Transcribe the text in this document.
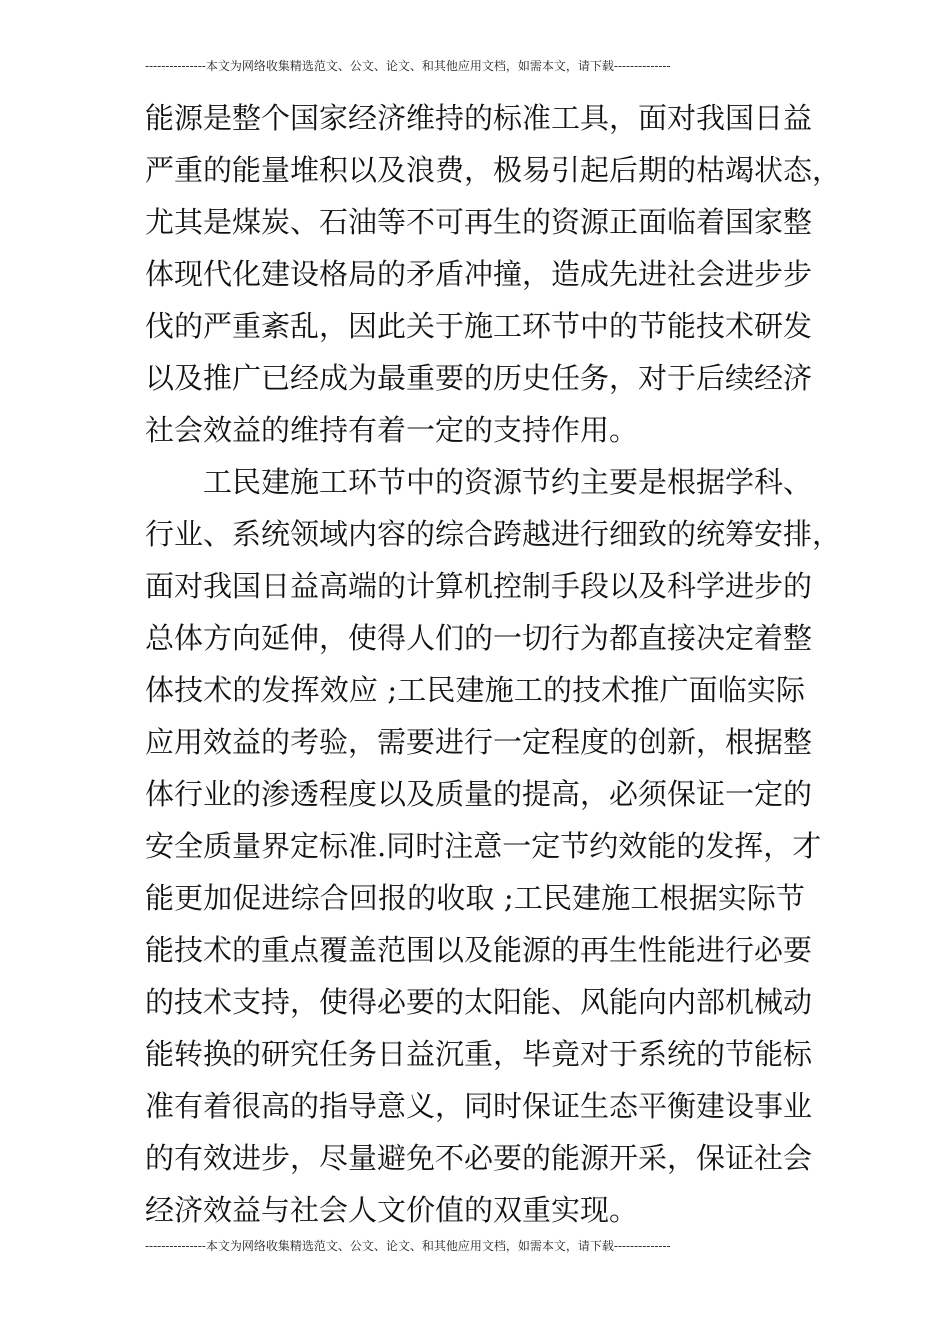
---------------本文为网络收集精选范文、公文、论文、和其他应用文档，如需本文，请下载--------------
能源是整个国家经济维持的标准工具，面对我国日益
严重的能量堆积以及浪费，极易引起后期的枯竭状态，
尤其是煤炭、石油等不可再生的资源正面临着国家整
体现代化建设格局的矛盾冲撞，造成先进社会进步步
伐的严重紊乱，因此关于施工环节中的节能技术研发
以及推广已经成为最重要的历史任务，对于后续经济
社会效益的维持有着一定的支持作用。
工民建施工环节中的资源节约主要是根据学科、
行业、系统领域内容的综合跨越进行细致的统筹安排，
面对我国日益高端的计算机控制手段以及科学进步的
总体方向延伸，使得人们的一切行为都直接决定着整
体技术的发挥效应 ;工民建施工的技术推广面临实际
应用效益的考验，需要进行一定程度的创新，根据整
体行业的渗透程度以及质量的提高，必须保证一定的
安全质量界定标准.同时注意一定节约效能的发挥，才
能更加促进综合回报的收取 ;工民建施工根据实际节
能技术的重点覆盖范围以及能源的再生性能进行必要
的技术支持，使得必要的太阳能、风能向内部机械动
能转换的研究任务日益沉重，毕竟对于系统的节能标
准有着很高的指导意义，同时保证生态平衡建设事业
的有效进步，尽量避免不必要的能源开采，保证社会
经济效益与社会人文价值的双重实现。
---------------本文为网络收集精选范文、公文、论文、和其他应用文档，如需本文，请下载--------------
